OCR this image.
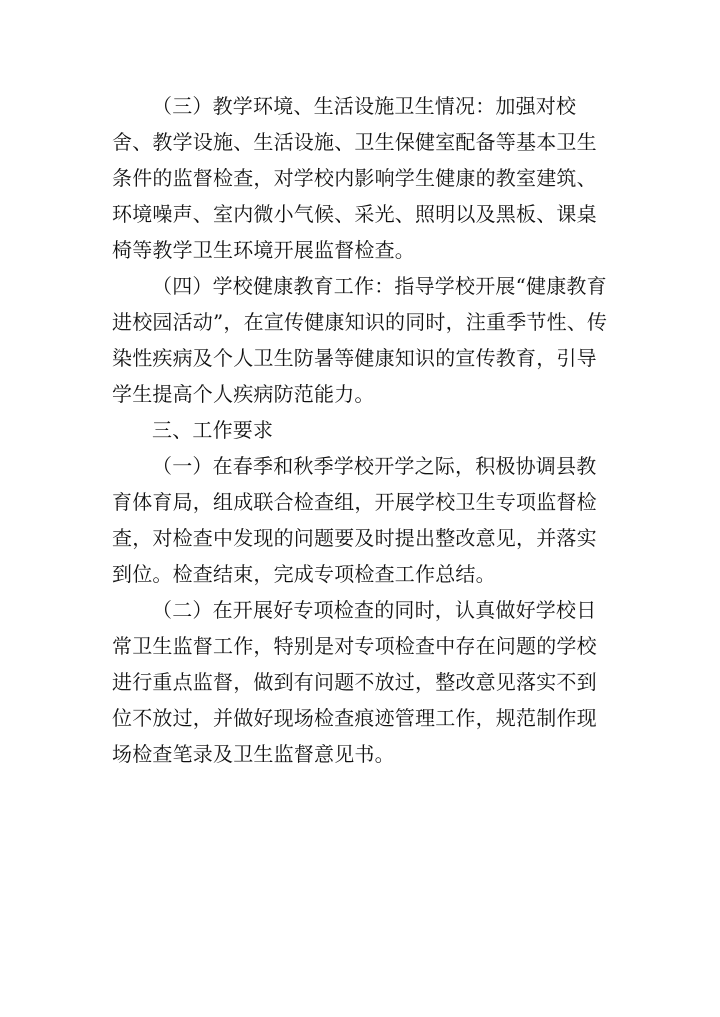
（三）教学环境、生活设施卫生情况：加强对校舍、教学设施、生活设施、卫生保健室配备等基本卫生条件的监督检查，对学校内影响学生健康的教室建筑、环境噪声、室内微小气候、采光、照明以及黑板、课桌椅等教学卫生环境开展监督检查。

（四）学校健康教育工作：指导学校开展“健康教育进校园活动”，在宣传健康知识的同时，注重季节性、传染性疾病及个人卫生防暑等健康知识的宣传教育，引导学生提高个人疾病防范能力。

三、工作要求

（一）在春季和秋季学校开学之际，积极协调县教育体育局，组成联合检查组，开展学校卫生专项监督检查，对检查中发现的问题要及时提出整改意见，并落实到位。检查结束，完成专项检查工作总结。

（二）在开展好专项检查的同时，认真做好学校日常卫生监督工作，特别是对专项检查中存在问题的学校进行重点监督，做到有问题不放过，整改意见落实不到位不放过，并做好现场检查痕迹管理工作，规范制作现场检查笔录及卫生监督意见书。
